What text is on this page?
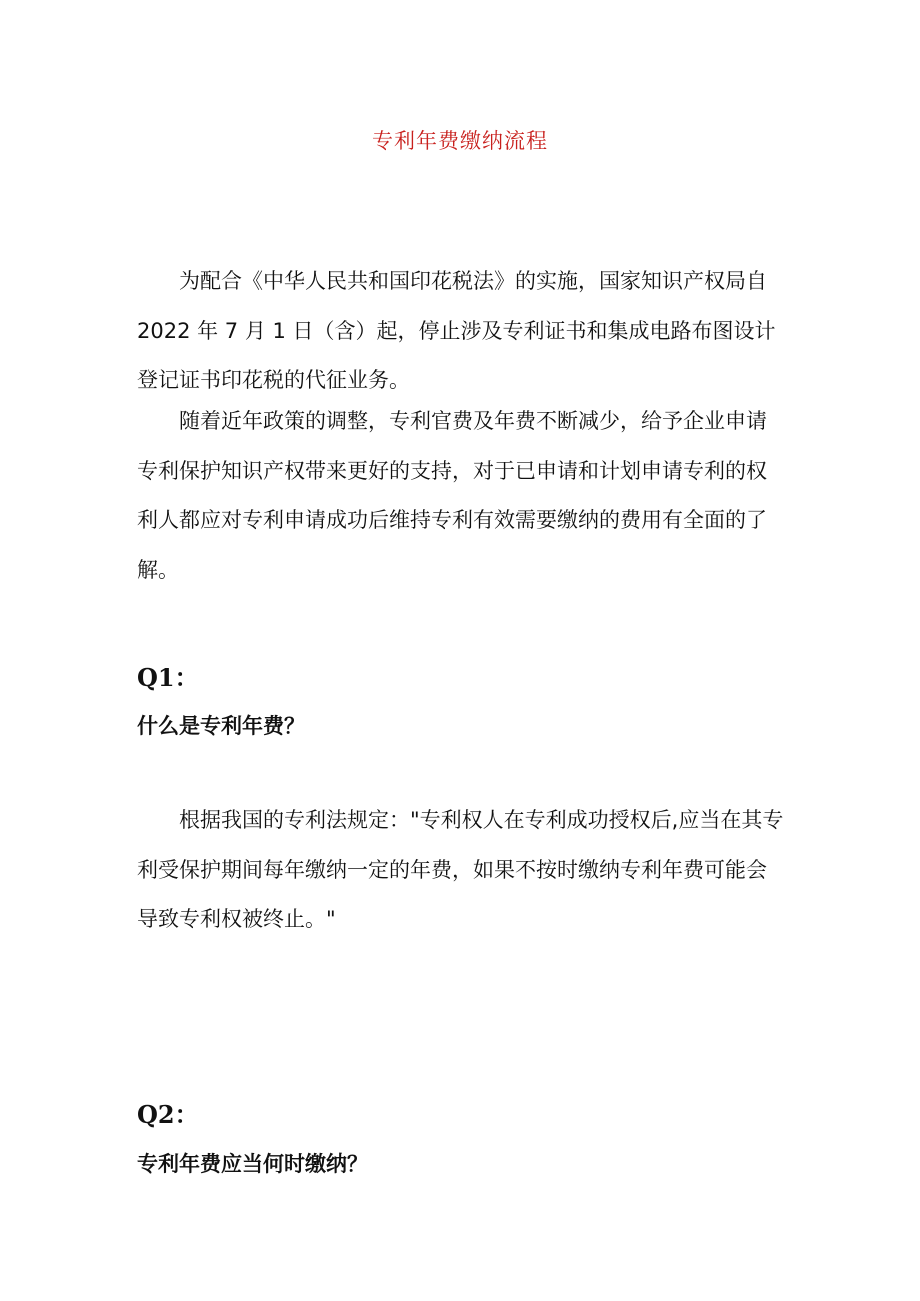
专利年费缴纳流程

为配合《中华人民共和国印花税法》的实施，国家知识产权局自 2022 年 7 月 1 日（含）起，停止涉及专利证书和集成电路布图设计登记证书印花税的代征业务。

随着近年政策的调整，专利官费及年费不断减少，给予企业申请专利保护知识产权带来更好的支持，对于已申请和计划申请专利的权利人都应对专利申请成功后维持专利有效需要缴纳的费用有全面的了解。

Q1：
什么是专利年费？

根据我国的专利法规定："专利权人在专利成功授权后,应当在其专利受保护期间每年缴纳一定的年费，如果不按时缴纳专利年费可能会导致专利权被终止。"

Q2：
专利年费应当何时缴纳？
